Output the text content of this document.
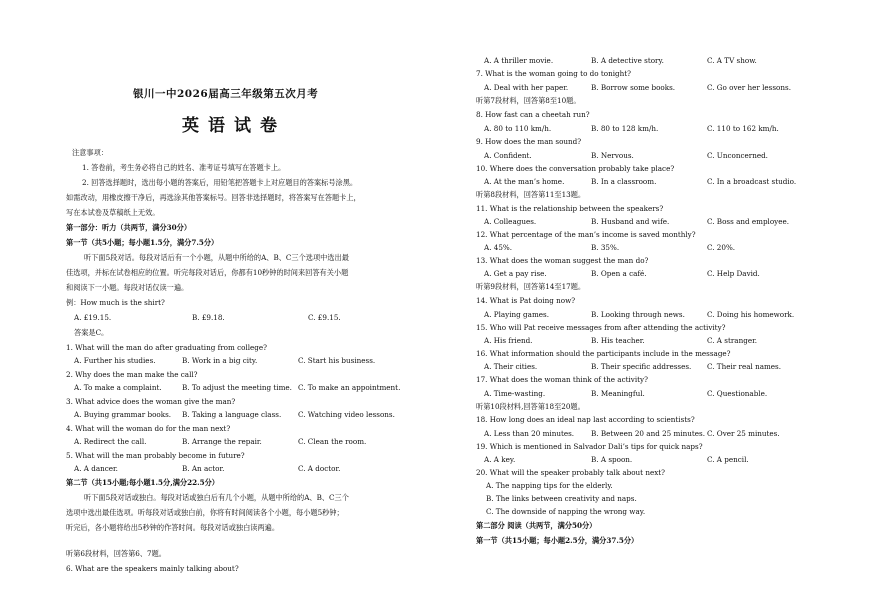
银川一中2026届高三年级第五次月考
英语试卷
注意事项：
1. 答卷前，考生务必将自己的姓名、准考证号填写在答题卡上。
2. 回答选择题时，选出每小题的答案后，用铅笔把答题卡上对应题目的答案标号涂黑。
如需改动，用橡皮擦干净后，再选涂其他答案标号。回答非选择题时，将答案写在答题卡上，
写在本试卷及草稿纸上无效。
第一部分：听力（共两节，满分30分）
第一节（共5小题；每小题1.5分，满分7.5分）
听下面5段对话。每段对话后有一个小题，从题中所给的A、B、C三个选项中选出最
佳选项，并标在试卷相应的位置。听完每段对话后，你都有10秒钟的时间来回答有关小题
和阅读下一小题。每段对话仅读一遍。
例：How much is the shirt?
A. £19.15.	B. £9.18.	C. £9.15.
答案是C。
1. What will the man do after graduating from college?
A. Further his studies.	B. Work in a big city.	C. Start his business.
2. Why does the man make the call?
A. To make a complaint.	B. To adjust the meeting time. C. To make an appointment.
3. What advice does the woman give the man?
A. Buying grammar books. B. Taking a language class. C. Watching video lessons.
4. What will the woman do for the man next?
A. Redirect the call.	B. Arrange the repair.	C. Clean the room.
5. What will the man probably become in future?
A. A dancer.	B. An actor.	C. A doctor.
第二节（共15小题;每小题1.5分,满分22.5分）
听下面5段对话或独白。每段对话或独白后有几个小题，从题中所给的A、B、C三个
选项中选出最佳选项。听每段对话或独白前，你将有时间阅读各个小题，每小题5秒钟；
听完后，各小题将给出5秒钟的作答时间。每段对话或独白读两遍。
听第6段材料，回答第6、7题。
6. What are the speakers mainly talking about?
A. A thriller movie.	B. A detective story.	C. A TV show.
7. What is the woman going to do tonight?
A. Deal with her paper.	B. Borrow some books.	C. Go over her lessons.
听第7段材料，回答第8至10题。
8. How fast can a cheetah run?
A. 80 to 110 km/h.	B. 80 to 128 km/h.	C. 110 to 162 km/h.
9. How does the man sound?
A. Confident.	B. Nervous.	C. Unconcerned.
10. Where does the conversation probably take place?
A. At the man’s home.	B. In a classroom.	C. In a broadcast studio.
听第8段材料，回答第11至13题。
11. What is the relationship between the speakers?
A. Colleagues.	B. Husband and wife.	C. Boss and employee.
12. What percentage of the man’s income is saved monthly?
A. 45%.	B. 35%.	C. 20%.
13. What does the woman suggest the man do?
A. Get a pay rise.	B. Open a café.	C. Help David.
听第9段材料，回答第14至17题。
14. What is Pat doing now?
A. Playing games.	B. Looking through news.	C. Doing his homework.
15. Who will Pat receive messages from after attending the activity?
A. His friend.	B. His teacher.	C. A stranger.
16. What information should the participants include in the message?
A. Their cities.	B. Their specific addresses. C. Their real names.
17. What does the woman think of the activity?
A. Time-wasting.	B. Meaningful.	C. Questionable.
听第10段材料,回答第18至20题。
18. How long does an ideal nap last according to scientists?
A. Less than 20 minutes. B. Between 20 and 25 minutes. C. Over 25 minutes.
19. Which is mentioned in Salvador Dali’s tips for quick naps?
A. A key.	B. A spoon.	C. A pencil.
20. What will the speaker probably talk about next?
A. The napping tips for the elderly.
B. The links between creativity and naps.
C. The downside of napping the wrong way.
第二部分 阅读（共两节，满分50分）
第一节（共15小题；每小题2.5分，满分37.5分）
